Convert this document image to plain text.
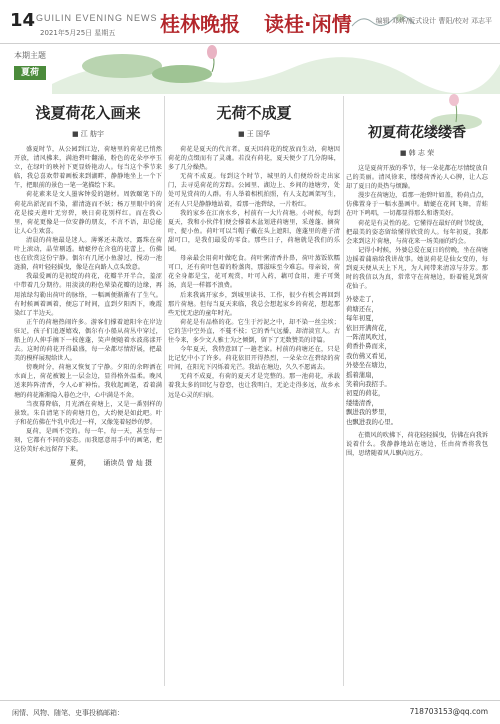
14 GUILIN EVENING NEWS
2021年5月25日 星期五 桂林晚报 读桂·闲情	编辑 邓烨/版式设计 曹阳/校对 邓志平
本期主题
夏荷
浅夏荷花入画来
■ 江 舫宇

盛夏时节，从公园到江边，荷塘里的荷花已悄然开放，清风拂来，满池碧叶翻涌，粉色的花朵亭亭玉立，在绿叶的映衬下更显娇艳动人。每当这个季节来临，我总喜欢带着画板来到湖畔，静静地坐上一个下午，把眼前的景色一笔一笔描绘下来。

荷花素来是文人墨客钟爱的题材。周敦颐笔下的荷花出淤泥而不染，濯清涟而不妖；杨万里眼中的荷花是接天莲叶无穷碧，映日荷花别样红。而在我心里，荷花更像是一位安静的朋友，不言不语，却总能让人心生欢喜。

清晨的荷塘最是迷人。薄雾还未散尽，露珠在荷叶上滚动，晶莹剔透。蜻蜓停在含苞的花蕾上，仿佛也在欣赏这份宁静。偶尔有几尾小鱼游过，搅动一池涟漪，荷叶轻轻摇曳，像是在向路人点头致意。

我最爱画的是初绽的荷花，花瓣半开半合，羞涩中带着几分期待。用淡淡的粉色晕染花瓣的边缘，再用浓绿勾勒出荷叶的脉络，一幅画便渐渐有了生气。有时候画着画着，便忘了时间，直到夕阳西下，晚霞染红了半边天。

正午的荷塘热闹许多。游客们撑着遮阳伞在岸边驻足，孩子们追逐嬉戏，偶尔有小船从荷丛中穿过，船上的人伸手摘下一枝莲蓬，笑声便随着水波荡漾开去。这时的荷花开得最盛，每一朵都尽情舒展，把最美的模样展现给世人。

傍晚时分，荷塘又恢复了宁静。夕阳的余晖洒在水面上，荷花被镀上一层金边，显得格外温柔。晚风送来阵阵清香，令人心旷神怡。我收起画笔，看着满塘的荷花渐渐隐入暮色之中，心中满是不舍。

当夜幕降临，月光洒在荷塘上，又是一番别样的景致。朱自清笔下的荷塘月色，大约便是如此吧。叶子和花仿佛在牛乳中洗过一样，又像笼着轻纱的梦。

夏荷，是画不完的。每一年，每一天，甚至每一刻，它都有不同的姿态。而我愿意用手中的画笔，把这份美好永远留存下来。

夏荷，　　 诵读员 曾 灿 摄
无荷不成夏
■ 王 国华

荷花是夏天的代言者。夏天因荷花的绽放而生动，荷塘因荷花的点缀而有了灵魂。若没有荷花，夏天便少了几分韵味，多了几分燥热。

无荷不成夏。每到这个时节，城里的人们便纷纷走出家门，去寻觅荷花的芳踪。公园里、湖边上、乡间的池塘旁，处处可见赏荷的人群。有人举着相机拍照，有人支起画架写生，还有人只是静静地站着，看那一池碧绿，一片粉红。

我的家乡在江南水乡，村前有一大片荷塘。小时候，每到夏天，我和小伙伴们便会撑着木盆划进荷塘里，采莲蓬、摘荷叶、捉小鱼。荷叶可以当帽子戴在头上遮阳，莲蓬里的莲子清甜可口，是我们最爱的零食。那些日子，荷塘就是我们的乐园。

母亲最会用荷叶做吃食。荷叶粥清香扑鼻，荷叶蒸饭软糯可口，还有荷叶包着的粉蒸肉，那滋味至今难忘。母亲说，荷花全身都是宝，花可观赏，叶可入药，藕可食用，莲子可煲汤，真是一样都不浪费。

后来我离开家乡，到城里读书、工作，很少有机会再回到那片荷塘。但每当夏天来临，我总会想起家乡的荷花，想起那些无忧无虑的童年时光。

荷花是有品格的花。它生于污泥之中，却不染一丝尘埃；它的茎中空外直，不蔓不枝；它的香气远播，却清淡宜人。古往今来，多少文人雅士为之倾倒，留下了无数赞美的诗篇。

今年夏天，我特意回了一趟老家。村前的荷塘还在，只是比记忆中小了许多。荷花依旧开得热烈，一朵朵立在碧绿的荷叶间，在阳光下闪烁着光芒。我站在塘边，久久不愿离去。

无荷不成夏，有荷的夏天才是完整的。那一池荷花，承载着我太多的回忆与眷恋，也让我明白，无论走得多远，故乡永远是心灵的归宿。

初夏荷花缕缕香
■ 韩 志 荣

这是夏荷开放的季节，每一朵花都在尽情绽放自己的美丽。清风徐来，缕缕荷香沁人心脾，让人忘却了夏日的炎热与烦躁。

漫步在荷塘边，看那一池碧叶如盖，粉荷点点，仿佛置身于一幅水墨画中。蜻蜓在花间飞舞，青蛙在叶下鸣唱，一切都显得那么和谐美好。

荷花是有灵性的花。它懂得在最好的时节绽放，把最美的姿态留给懂得欣赏的人。每年初夏，我都会来到这片荷塘，与荷花来一场美丽的约会。

记得小时候，外婆总爱在夏日的傍晚，坐在荷塘边摇着蒲扇给我讲故事。她说荷花是仙女变的，每到夏天便从天上下凡，为人间带来清凉与芬芳。那时的我信以为真，常常守在荷塘边，盼着能见到荷花仙子。

外婆走了，

荷塘还在，

每年初夏，

依旧开满荷花，

一阵清风吹过，

荷香扑鼻而来，

我仿佛又看见，

外婆坐在塘边，

摇着蒲扇，

笑着向我招手。

初夏的荷花，

缕缕清香，

飘进我的梦里，

也飘进我的心里。

在微风的吹拂下，荷花轻轻摇曳，仿佛在向我诉说着什么。我静静地站在塘边，任由荷香将我包围，思绪随着风儿飘向远方。

闲情、风物、随笔、史事投稿邮箱：	718703153@qq.com
